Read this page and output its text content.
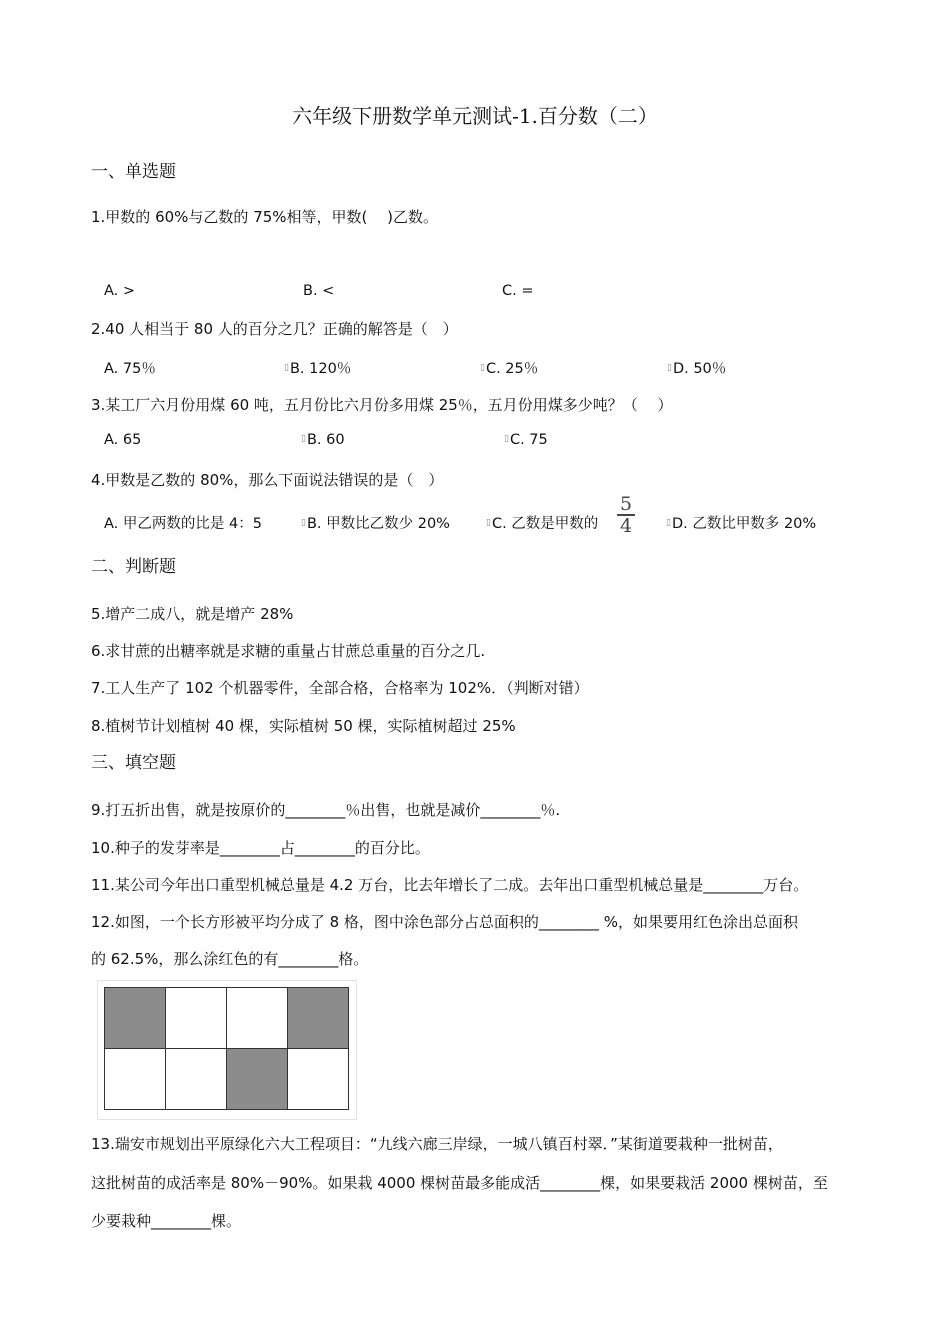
六年级下册数学单元测试-1.百分数（二）
一、单选题
1.甲数的 60%与乙数的 75%相等，甲数(　 )乙数。
A. >	B. <	C. =
2.40 人相当于 80 人的百分之几？正确的解答是（　）
A. 75％	▯B. 120％	▯C. 25％	▯D. 50％
3.某工厂六月份用煤 60 吨，五月份比六月份多用煤 25％，五月份用煤多少吨？（　 ）
A. 65	▯B. 60	▯C. 75
4.甲数是乙数的 80%，那么下面说法错误的是（　）
A. 甲乙两数的比是 4：5	▯B. 甲数比乙数少 20%	▯C. 乙数是甲数的
5
4	▯D. 乙数比甲数多 20%
二、判断题
5.增产二成八，就是增产 28%
6.求甘蔗的出糖率就是求糖的重量占甘蔗总重量的百分之几.
7.工人生产了 102 个机器零件，全部合格，合格率为 102%．（判断对错）
8.植树节计划植树 40 棵，实际植树 50 棵，实际植树超过 25%
三、填空题
9.打五折出售，就是按原价的________％出售，也就是减价________％.
10.种子的发芽率是________占________的百分比。
11.某公司今年出口重型机械总量是 4.2 万台，比去年增长了二成。去年出口重型机械总量是________万台。
12.如图，一个长方形被平均分成了 8 格，图中涂色部分占总面积的________ %，如果要用红色涂出总面积
的 62.5%，那么涂红色的有________格。
13.瑞安市规划出平原绿化六大工程项目：“九线六廊三岸绿，一城八镇百村翠．”某街道要栽种一批树苗，
这批树苗的成活率是 80%－90%。如果栽 4000 棵树苗最多能成活________棵，如果要栽活 2000 棵树苗，至
少要栽种________棵。
